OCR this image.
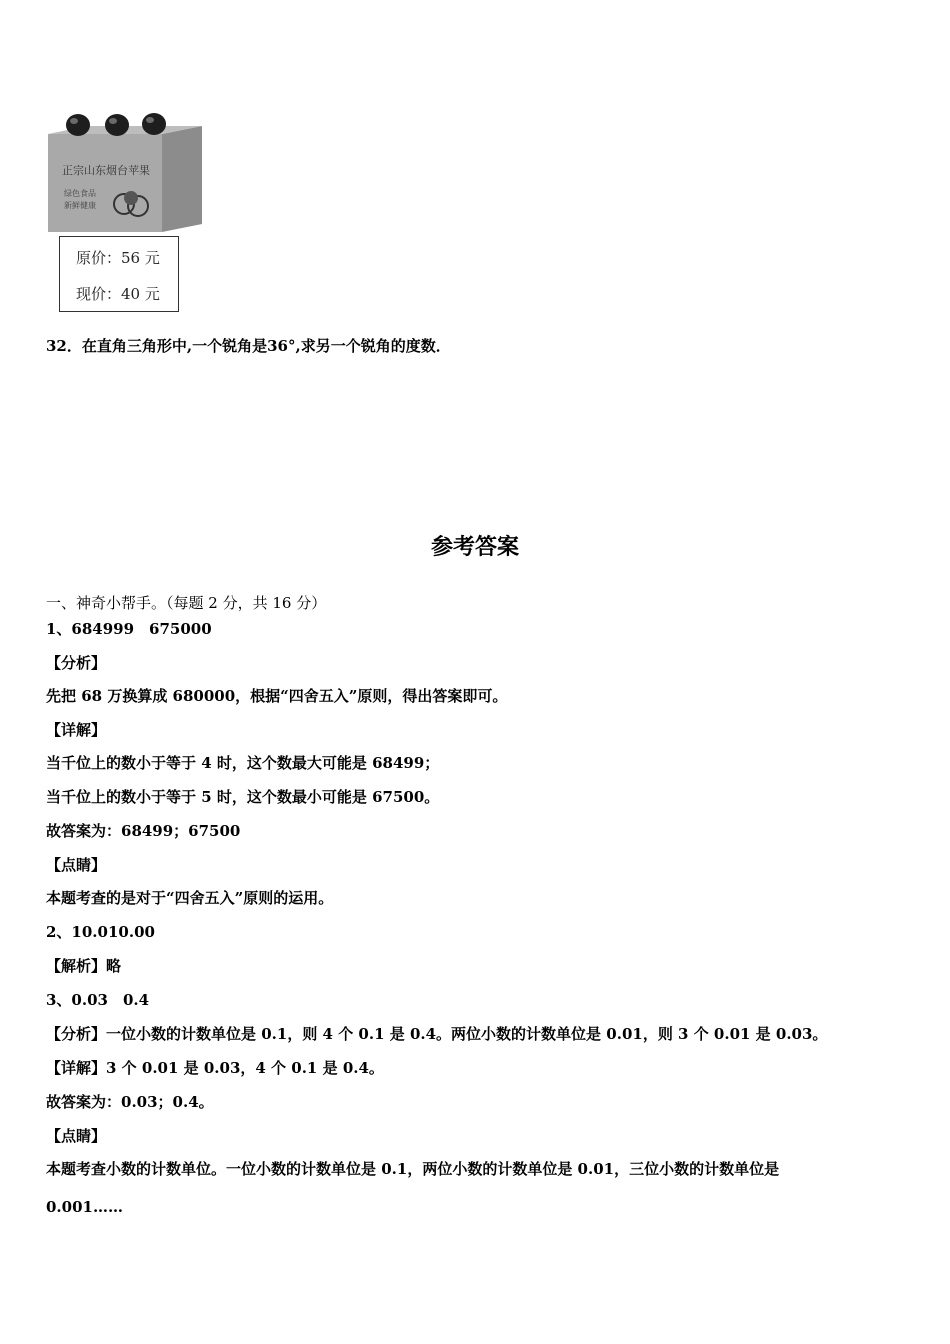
正宗山东烟台苹果
绿色食品
新鲜健康
原价：56 元
现价：40 元
32．在直角三角形中,一个锐角是36°,求另一个锐角的度数．
参考答案
一、神奇小帮手。（每题 2 分，共 16 分）
1、684999　675000
【分析】
先把 68 万换算成 680000，根据“四舍五入”原则，得出答案即可。
【详解】
当千位上的数小于等于 4 时，这个数最大可能是 68499；
当千位上的数小于等于 5 时，这个数最小可能是 67500。
故答案为：68499；67500
【点睛】
本题考查的是对于“四舍五入”原则的运用。
2、10.010.00
【解析】略
3、0.03　0.4
【分析】一位小数的计数单位是 0.1，则 4 个 0.1 是 0.4。两位小数的计数单位是 0.01，则 3 个 0.01 是 0.03。
【详解】3 个 0.01 是 0.03，4 个 0.1 是 0.4。
故答案为：0.03；0.4。
【点睛】
本题考查小数的计数单位。一位小数的计数单位是 0.1，两位小数的计数单位是 0.01，三位小数的计数单位是
0.001……
